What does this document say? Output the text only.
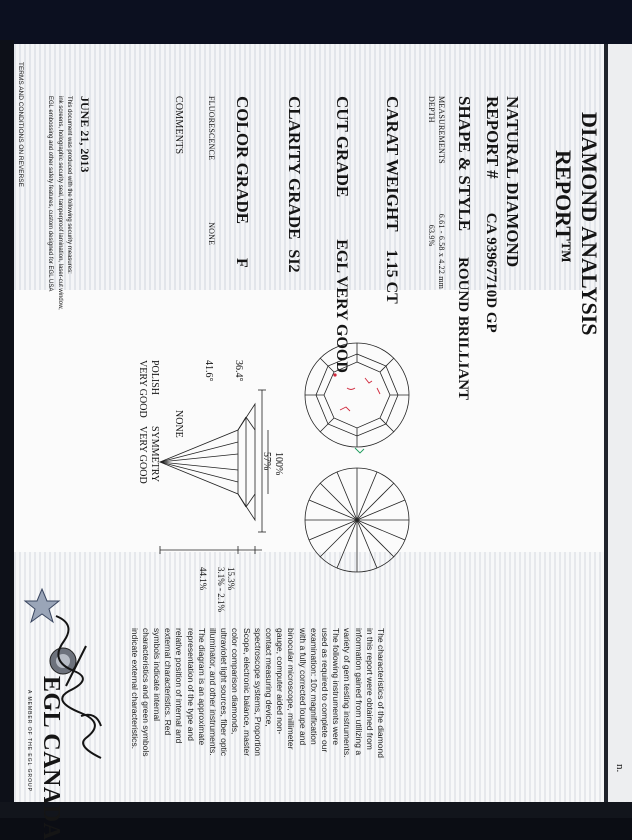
DIAMOND ANALYSIS
REPORT™
NATURAL DIAMOND
REPORT # CA 93967710D GP
SHAPE & STYLE ROUND BRILLIANT
MEASUREMENTS 6.61 - 6.58 x 4.22 mm
DEPTH 63.9%
CARAT WEIGHT 1.15 CT
CUT GRADE EGL VERY GOOD
CLARITY GRADE SI2
COLOR GRADE F
FLUORESCENCE NONE
COMMENTS
JUNE 21, 2013
This document was produced with the following security measures:
ink screens, holographic security seal, tamperproof lamination, laser-cut window,
EGL embossing and other safety features, custom designed for EGL USA
TERMS AND CONDITIONS ON REVERSE
100%
57%
36.4°
41.6°
15.3%
3.1% - 2.1%
44.1%
NONE
POLISH
VERY GOOD
SYMMETRY
VERY GOOD
The characteristics of the diamond
in this report were obtained from
information gained from utilizing a
variety of gem testing instruments.
The following instruments were
used as required to complete our
examination: 10x magnification
with a fully corrected loupe and
binocular microscope, millimeter
gauge, computer aided non-
contact measuring device,
spectroscope systems, Proportion
Scope, electronic balance, master
color comparison diamonds,
ultraviolet light sources, fiber optic
illuminator, and other instruments.
The diagram is an approximate
representation of the type and
relative position of internal and
external characteristics. Red
symbols indicate internal
characteristics and green symbols
indicate external characteristics.
EGL CANADA
A MEMBER OF THE EGL GROUP	n.
